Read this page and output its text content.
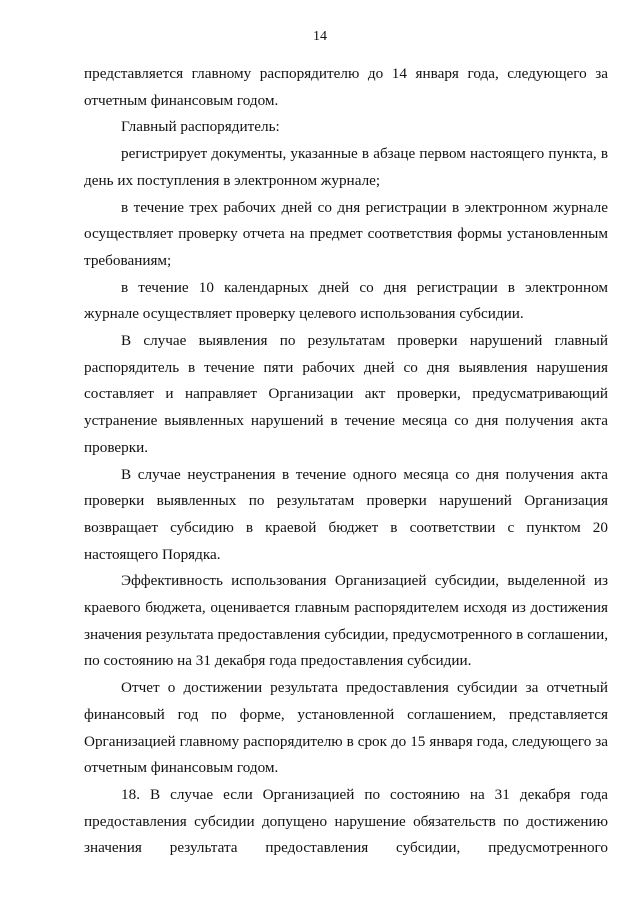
14

представляется главному распорядителю до 14 января года, следующего за отчетным финансовым годом.

Главный распорядитель:

регистрирует документы, указанные в абзаце первом настоящего пункта, в день их поступления в электронном журнале;

в течение трех рабочих дней со дня регистрации в электронном журнале осуществляет проверку отчета на предмет соответствия формы установленным требованиям;

в течение 10 календарных дней со дня регистрации в электронном журнале осуществляет проверку целевого использования субсидии.

В случае выявления по результатам проверки нарушений главный распорядитель в течение пяти рабочих дней со дня выявления нарушения составляет и направляет Организации акт проверки, предусматривающий устранение выявленных нарушений в течение месяца со дня получения акта проверки.

В случае неустранения в течение одного месяца со дня получения акта проверки выявленных по результатам проверки нарушений Организация возвращает субсидию в краевой бюджет в соответствии с пунктом 20 настоящего Порядка.

Эффективность использования Организацией субсидии, выделенной из краевого бюджета, оценивается главным распорядителем исходя из достижения значения результата предоставления субсидии, предусмотренного в соглашении, по состоянию на 31 декабря года предоставления субсидии.

Отчет о достижении результата предоставления субсидии за отчетный финансовый год по форме, установленной соглашением, представляется Организацией главному распорядителю в срок до 15 января года, следующего за отчетным финансовым годом.

18. В случае если Организацией по состоянию на 31 декабря года предоставления субсидии допущено нарушение обязательств по достижению значения результата предоставления субсидии, предусмотренного
